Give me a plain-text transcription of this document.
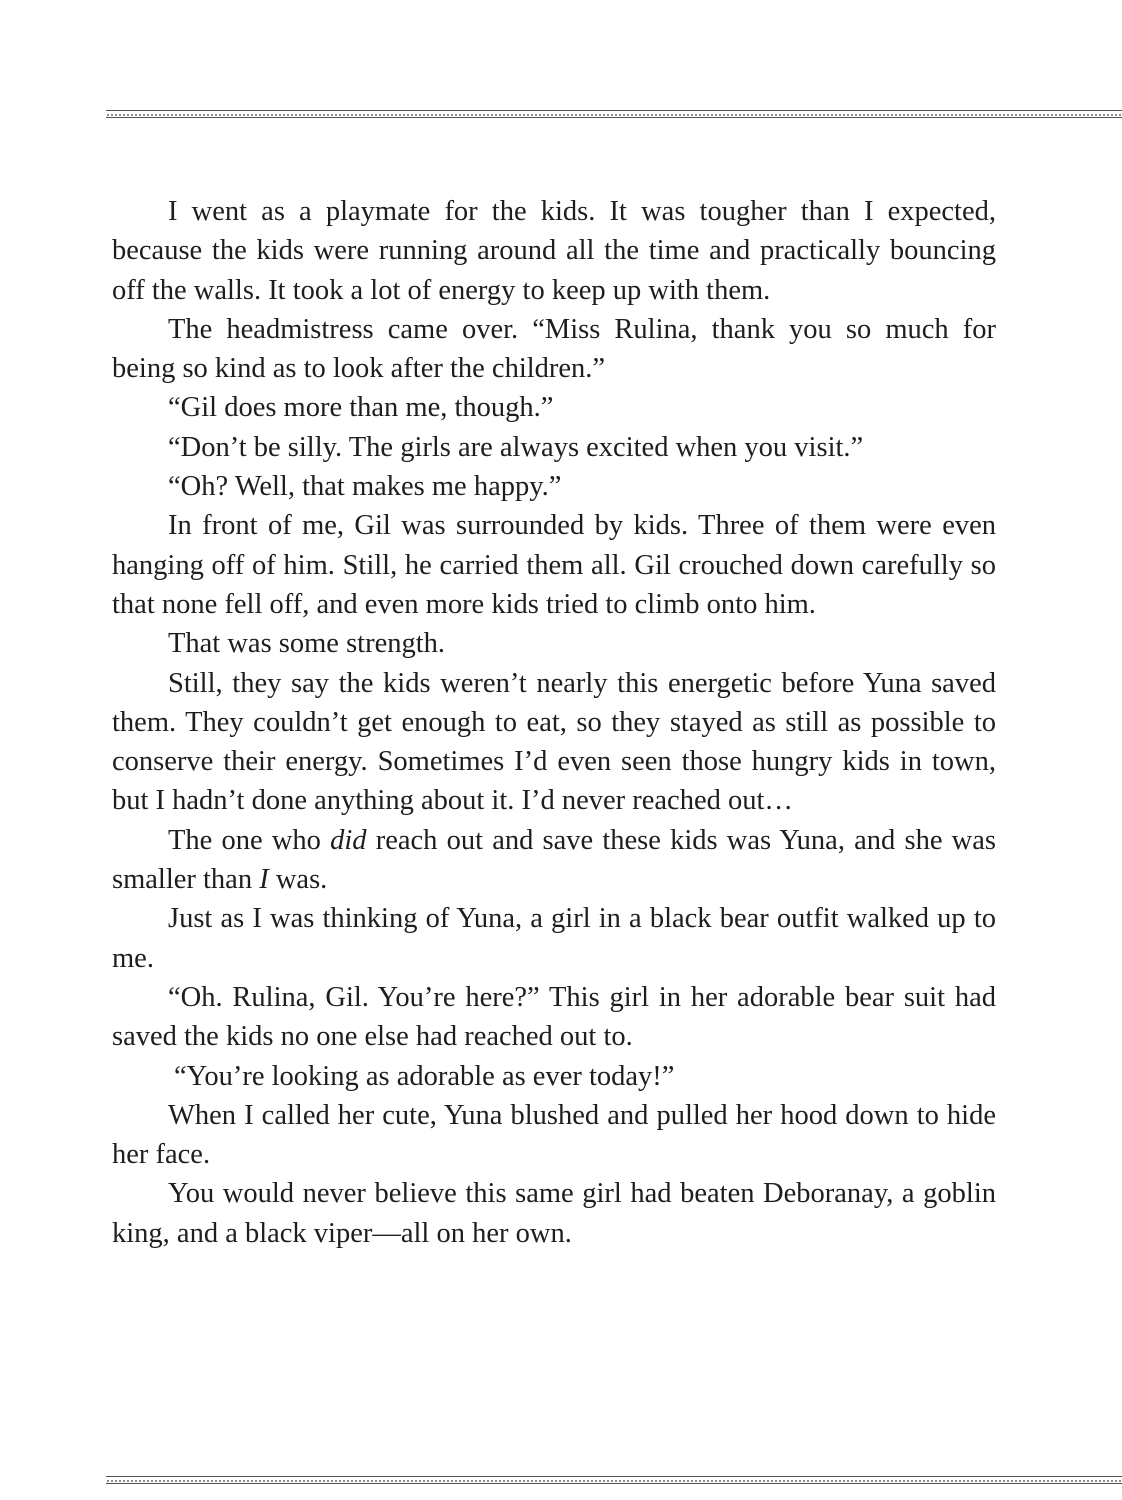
I went as a playmate for the kids. It was tougher than I expected, because the kids were running around all the time and practically bouncing off the walls. It took a lot of energy to keep up with them.

The headmistress came over. “Miss Rulina, thank you so much for being so kind as to look after the children.”

“Gil does more than me, though.”

“Don’t be silly. The girls are always excited when you visit.”

“Oh? Well, that makes me happy.”

In front of me, Gil was surrounded by kids. Three of them were even hanging off of him. Still, he carried them all. Gil crouched down carefully so that none fell off, and even more kids tried to climb onto him.

That was some strength.

Still, they say the kids weren’t nearly this energetic before Yuna saved them. They couldn’t get enough to eat, so they stayed as still as possible to conserve their energy. Sometimes I’d even seen those hungry kids in town, but I hadn’t done anything about it. I’d never reached out…

The one who did reach out and save these kids was Yuna, and she was smaller than I was.

Just as I was thinking of Yuna, a girl in a black bear outfit walked up to me.

“Oh. Rulina, Gil. You’re here?” This girl in her adorable bear suit had saved the kids no one else had reached out to.

“You’re looking as adorable as ever today!”

When I called her cute, Yuna blushed and pulled her hood down to hide her face.

You would never believe this same girl had beaten Deboranay, a goblin king, and a black viper—all on her own.
